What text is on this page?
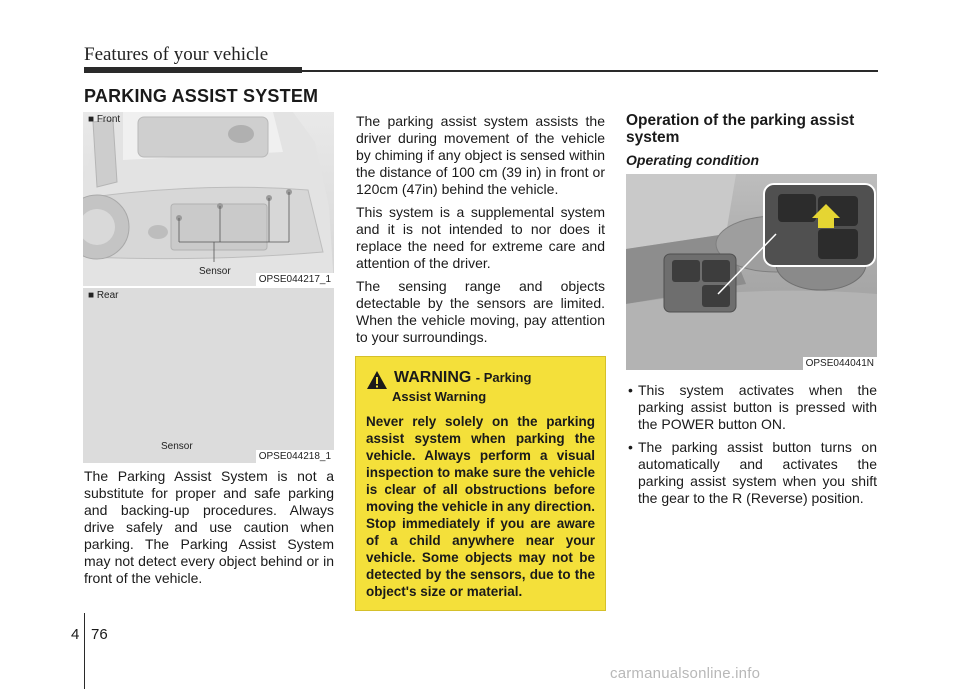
Features of your vehicle
PARKING ASSIST SYSTEM
■ Front
Sensor
OPSE044217_1
■ Rear
Sensor
OPSE044218_1

The Parking Assist System is not a substitute for proper and safe parking and backing-up procedures. Always drive safely and use caution when parking. The Parking Assist System may not detect every object behind or in front of the vehicle.

The parking assist system assists the driver during movement of the vehicle by chiming if any object is sensed within the distance of 100 cm (39 in) in front or 120cm (47in) behind the vehicle.

This system is a supplemental system and it is not intended to nor does it replace the need for extreme care and attention of the driver.

The sensing range and objects detectable by the sensors are limited. When the vehicle moving, pay attention to your surroundings.

WARNING - Parking
Assist Warning
Never rely solely on the parking assist system when parking the vehicle. Always perform a visual inspection to make sure the vehicle is clear of all obstructions before moving the vehicle in any direction. Stop immediately if you are aware of a child anywhere near your vehicle. Some objects may not be detected by the sensors, due to the object's size or material.
Operation of the parking assist system
Operating condition
OPSE044041N
• This system activates when the parking assist button is pressed with the POWER button ON.
• The parking assist button turns on automatically and activates the parking assist system when you shift the gear to the R (Reverse) position.
4 76
carmanualsonline.info
